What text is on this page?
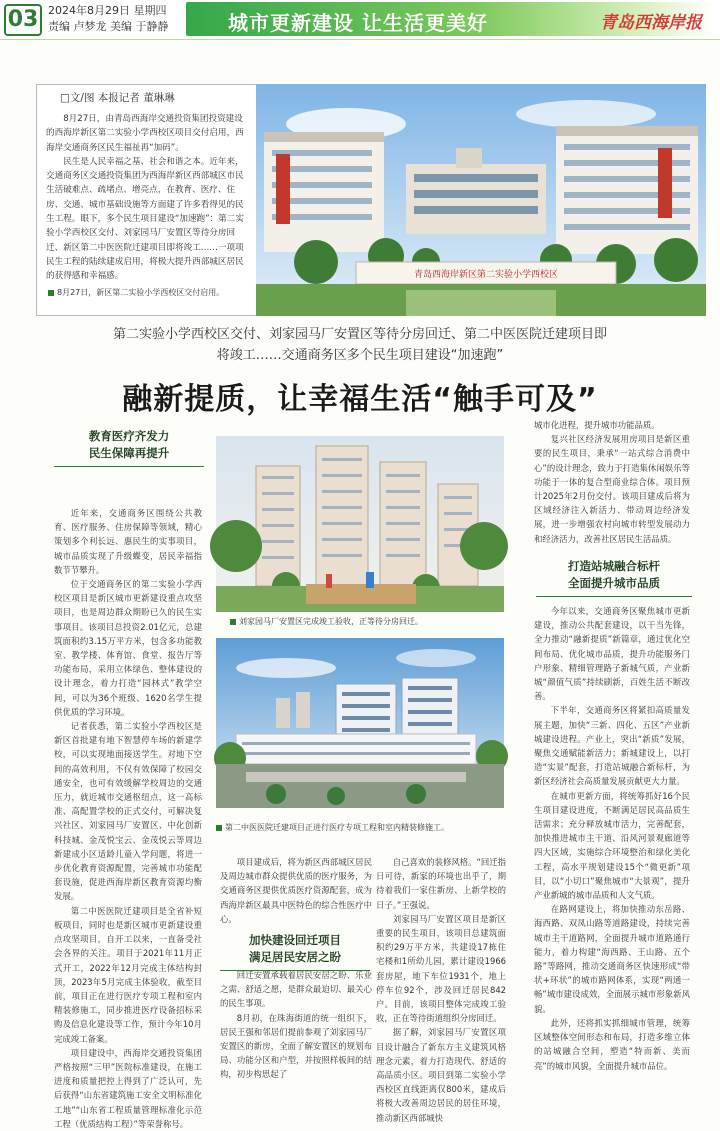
03 2024年8月29日 星期四
责编 卢梦龙 美编 于静静	城市更新建设 让生活更美好	青岛西海岸报
□文/图 本报记者 董琳琳

8月27日，由青岛西海岸交通投资集团投资建设的西海岸新区第二实验小学西校区项目交付启用，西海岸交通商务区民生福祉再“加码”。

民生是人民幸福之基、社会和谐之本。近年来，交通商务区交通投资集团为西海岸新区西部城区市民生活破难点、疏堵点、增亮点，在教育、医疗、住房、交通、城市基础设施等方面建了许多看得见的民生工程。眼下，多个民生项目建设“加速跑”：第二实验小学西校区交付、刘家园马厂安置区等待分房回迁、新区第二中医医院迁建项目即将竣工……一项项民生工程的陆续建成启用，将极大提升西部城区居民的获得感和幸福感。

8月27日，新区第二实验小学西校区交付启用。
青岛西海岸新区第二实验小学西校区
第二实验小学西校区交付、刘家园马厂安置区等待分房回迁、第二中医医院迁建项目即将竣工……交通商务区多个民生项目建设“加速跑”
融新提质，让幸福生活“触手可及”
教育医疗齐发力
民生保障再提升
加快建设回迁项目
满足居民安居之盼
打造站城融合标杆
全面提升城市品质

近年来，交通商务区围绕公共教育、医疗服务、住房保障等领域，精心策划多个利长远、惠民生的实事项目，城市品质实现了升级蝶变，居民幸福指数节节攀升。

位于交通商务区的第二实验小学西校区项目是新区城市更新建设重点攻坚项目，也是周边群众期盼已久的民生实事项目。该项目总投资2.01亿元，总建筑面积约3.15万平方米，包含多功能教室、教学楼、体育馆、食堂、报告厅等功能布局，采用立体绿色、整体建设的设计理念，着力打造“园林式”教学空间，可以为36个班级、1620名学生提供优质的学习环境。

记者获悉，第二实验小学西校区是新区首批建有地下智慧停车场的新建学校，可以实现地面接送学生。对地下空间的高效利用，不仅有效保障了校园交通安全，也可有效缓解学校周边的交通压力，就近城市交通枢纽点，这一高标准、高配置学校的正式交付，可解决复兴社区、刘家园马厂安置区、中化创新科技城、金茂悦宝云、金茂悦云等周边新建成小区适龄儿童入学问题，将进一步优化教育资源配置，完善城市功能配套设施，促进西海岸新区教育资源均衡发展。

第二中医医院迁建项目是全省补短板项目，同时也是新区城市更新建设重点攻坚项目，自开工以来，一直备受社会各界的关注。项目于2021年11月正式开工，2022年12月完成主体结构封顶，2023年5月完成主体验收，截至目前，项目正在进行医疗专项工程和室内精装修施工，同步推进医疗设备招标采购及信息化建设等工作，预计今年10月完成竣工备案。

项目建设中，西海岸交通投资集团严格按照“三甲”医院标准建设，在施工进度和质量把控上得到了广泛认可，先后获得“山东省建筑施工安全文明标准化工地”“山东省工程质量管理标准化示范工程（优质结构工程）”等荣誉称号。

刘家园马厂安置区完成竣工验收，正等待分房回迁。
第二中医医院迁建项目正进行医疗专项工程和室内精装修施工。

项目建成后，将为新区西部城区居民及周边城市群众提供优质的医疗服务，为交通商务区提供优质医疗资源配套，成为西海岸新区最具中医特色的综合性医疗中心。

回迁安置承载着居民安居之盼、乐业之需、舒适之愿，是群众最迫切、最关心的民生事项。

8月初，在珠海街道的统一组织下，居民王强和邻居们提前参观了刘家园马厂安置区的新房，全面了解安置区的规划布局、功能分区和户型，并按照样板间的结构，初步构思起了

自己喜欢的装修风格。“回迁指日可待，新家的环境也出乎了，期待着我们一家住新房、上新学校的日子。”王强说。

刘家园马厂安置区项目是新区重要的民生项目，该项目总建筑面积约29万平方米，共建设17栋住宅楼和1所幼儿园，累计建设1966套房屋，地下车位1931个，地上停车位92个，涉及回迁居民842户。目前，该项目整体完成竣工验收，正在等待街道组织分房回迁。

据了解，刘家园马厂安置区项目设计融合了新东方主义建筑风格理念元素，着力打造现代、舒适的高品质小区。项目到第二实验小学西校区直线距离仅800米，建成后将极大改善周边居民的居住环境，推动新区西部城快

城市化进程，提升城市功能品质。

复兴社区经济发展用房项目是新区重要的民生项目，秉承“一站式综合消费中心”的设计理念，致力于打造集休闲娱乐等功能于一体的复合型商业综合体。项目预计2025年2月份交付。该项目建成后将为区域经济注入新活力、带动周边经济发展，进一步增强农村向城市转型发展动力和经济活力，改善社区居民生活品质。

今年以来，交通商务区聚焦城市更新建设，推动公共配套建设，以干当先锋，全力推动“融新提质”新篇章，通过优化空间布局、优化城市品质，提升功能服务门户形象、精细管理路子新城气质，产业新城“颜值气质”持续刷新，百姓生活不断改善。

下半年，交通商务区将紧扣高质量发展主题，加快“三新、四化、五区”产业新城建设进程。产业上，突出“新质”发展，聚焦交通赋能新活力；新城建设上，以打造“实景”配套，打造站城融合新标杆，为新区经济社会高质量发展贡献更大力量。

在城市更新方面，将统筹抓好16个民生项目建设进度，不断满足居民高品质生活需求；充分释放城市活力，完善配套，加快推进城市主干道、沿风河景观廊道等四大区域，实施综合环境整治和绿化美化工程，高水平规划建设15个“微更新”项目，以“小切口”聚焦城市“大景观”，提升产业新城的城市品质和人文气质。

在路网建设上，将加快推动东岳路、海西路、双凤山路等道路建设，持续完善城市主干道路网，全面提升城市道路通行能力，着力构建“海西路、王山路、五个路”等路网，推动交通商务区快速形成“带状+环状”的城市路网体系，实现“两通一畅”城市建设成效，全面展示城市形象新风貌。

此外，还将抓实抓细城市管理，统筹区域整体空间形态和布局，打造多维立体的站城融合空间，塑造“特而新、美而亮”的城市风貌，全面提升城市品位。
